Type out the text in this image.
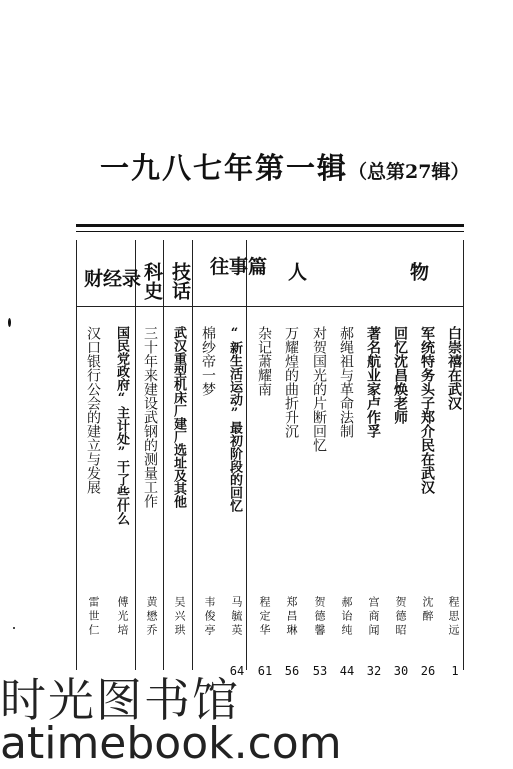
一九八七年第一辑（总第27辑）
人	物
往事篇
技话
科史
财经录
白崇禧在武汉
军统特务头子郑介民在武汉
回忆沈昌焕老师
著名航业家卢作孚
郝绳祖与革命法制
对贺国光的片断回忆
万耀煌的曲折升沉
杂记萧耀南
“新生活运动”最初阶段的回忆
棉纱帝一梦
武汉重型机床厂建厂选址及其他
三十年来建设武钢的测量工作
国民党政府“主计处”干了些什么
汉口银行公会的建立与发展
程思远
沈醉
贺德昭
宫商闻
郝诒纯
贺德馨
郑昌琳
程定华
马毓英
韦俊亭
吴兴珙
黄懋乔
傅光培
雷世仁
1
26
30
32
44
53
56
61
64
时光图书馆
atimebook.com
